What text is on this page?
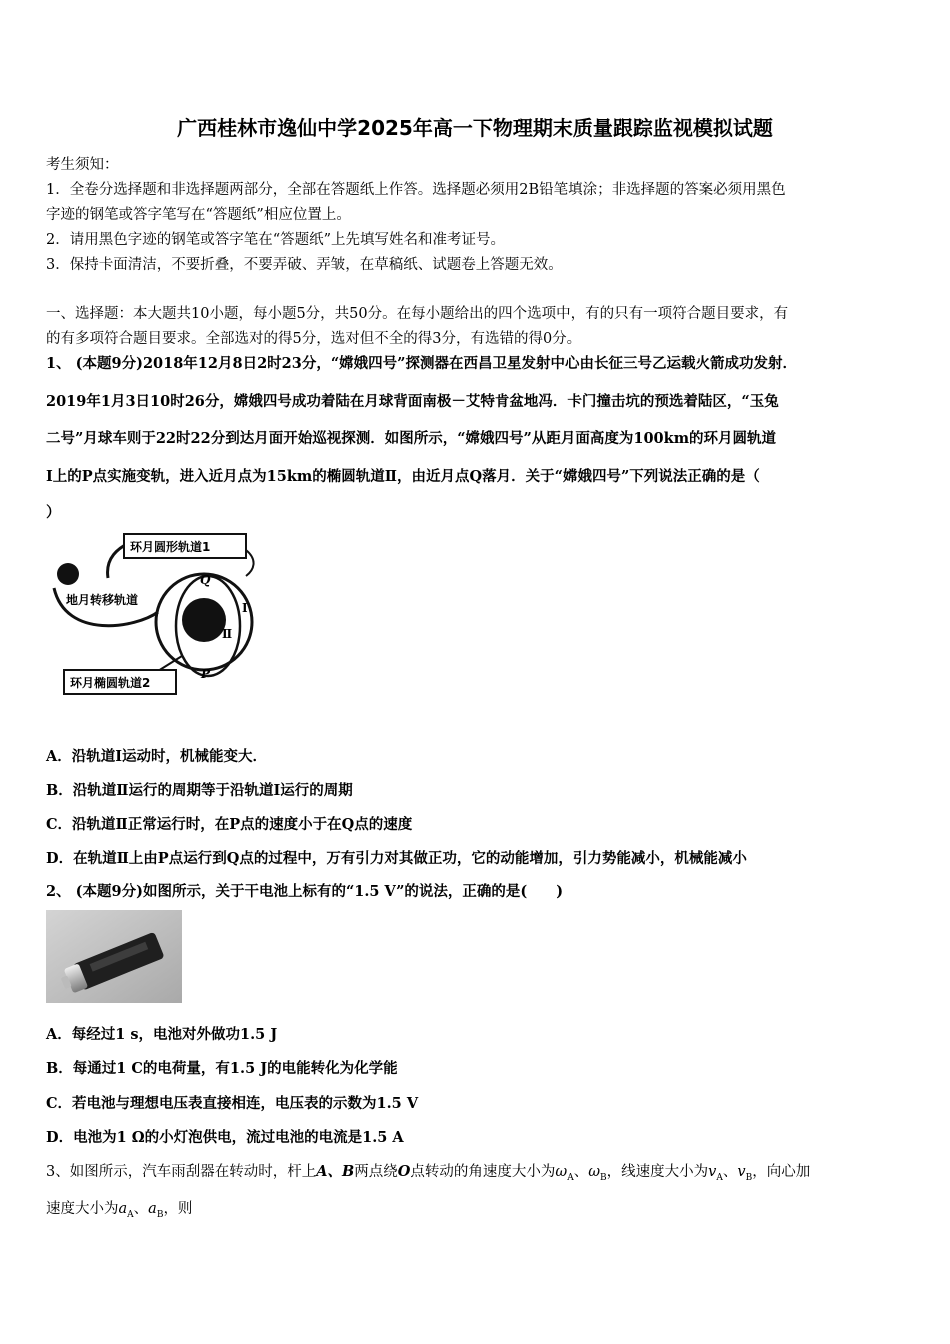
广西桂林市逸仙中学2025年高一下物理期末质量跟踪监视模拟试题
考生须知：
1．全卷分选择题和非选择题两部分，全部在答题纸上作答。选择题必须用2B铅笔填涂；非选择题的答案必须用黑色
字迹的钢笔或答字笔写在“答题纸”相应位置上。
2．请用黑色字迹的钢笔或答字笔在“答题纸”上先填写姓名和准考证号。
3．保持卡面清洁，不要折叠，不要弄破、弄皱，在草稿纸、试题卷上答题无效。
一、选择题：本大题共10小题，每小题5分，共50分。在每小题给出的四个选项中，有的只有一项符合题目要求，有
的有多项符合题目要求。全部选对的得5分，选对但不全的得3分，有选错的得0分。
1、 (本题9分)2018年12月8日2时23分，“嫦娥四号”探测器在西昌卫星发射中心由长征三号乙运载火箭成功发射．
2019年1月3日10时26分，嫦娥四号成功着陆在月球背面南极－艾特肯盆地冯．卡门撞击坑的预选着陆区，“玉兔
二号”月球车则于22时22分到达月面开始巡视探测．如图所示，“嫦娥四号”从距月面高度为100km的环月圆轨道
Ⅰ上的P点实施变轨，进入近月点为15km的椭圆轨道Ⅱ，由近月点Q落月．关于“嫦娥四号”下列说法正确的是（
）
环月圆形轨道1
地月转移轨道
Q
P
Ⅰ
Ⅱ
环月椭圆轨道2
A．沿轨道Ⅰ运动时，机械能变大．
B．沿轨道Ⅱ运行的周期等于沿轨道Ⅰ运行的周期
C．沿轨道Ⅱ正常运行时，在P点的速度小于在Q点的速度
D．在轨道Ⅱ上由P点运行到Q点的过程中，万有引力对其做正功，它的动能增加，引力势能减小，机械能减小
2、 (本题9分)如图所示，关于干电池上标有的“1.5 V”的说法，正确的是(　　)
A．每经过1 s，电池对外做功1.5 J
B．每通过1 C的电荷量，有1.5 J的电能转化为化学能
C．若电池与理想电压表直接相连，电压表的示数为1.5 V
D．电池为1 Ω的小灯泡供电，流过电池的电流是1.5 A
3、如图所示，汽车雨刮器在转动时，杆上A、B两点绕O点转动的角速度大小为$\omega_A$、$\omega_B$，线速度大小为$v_A$、$v_B$，向心加
速度大小为$a_A$、$a_B$，则
